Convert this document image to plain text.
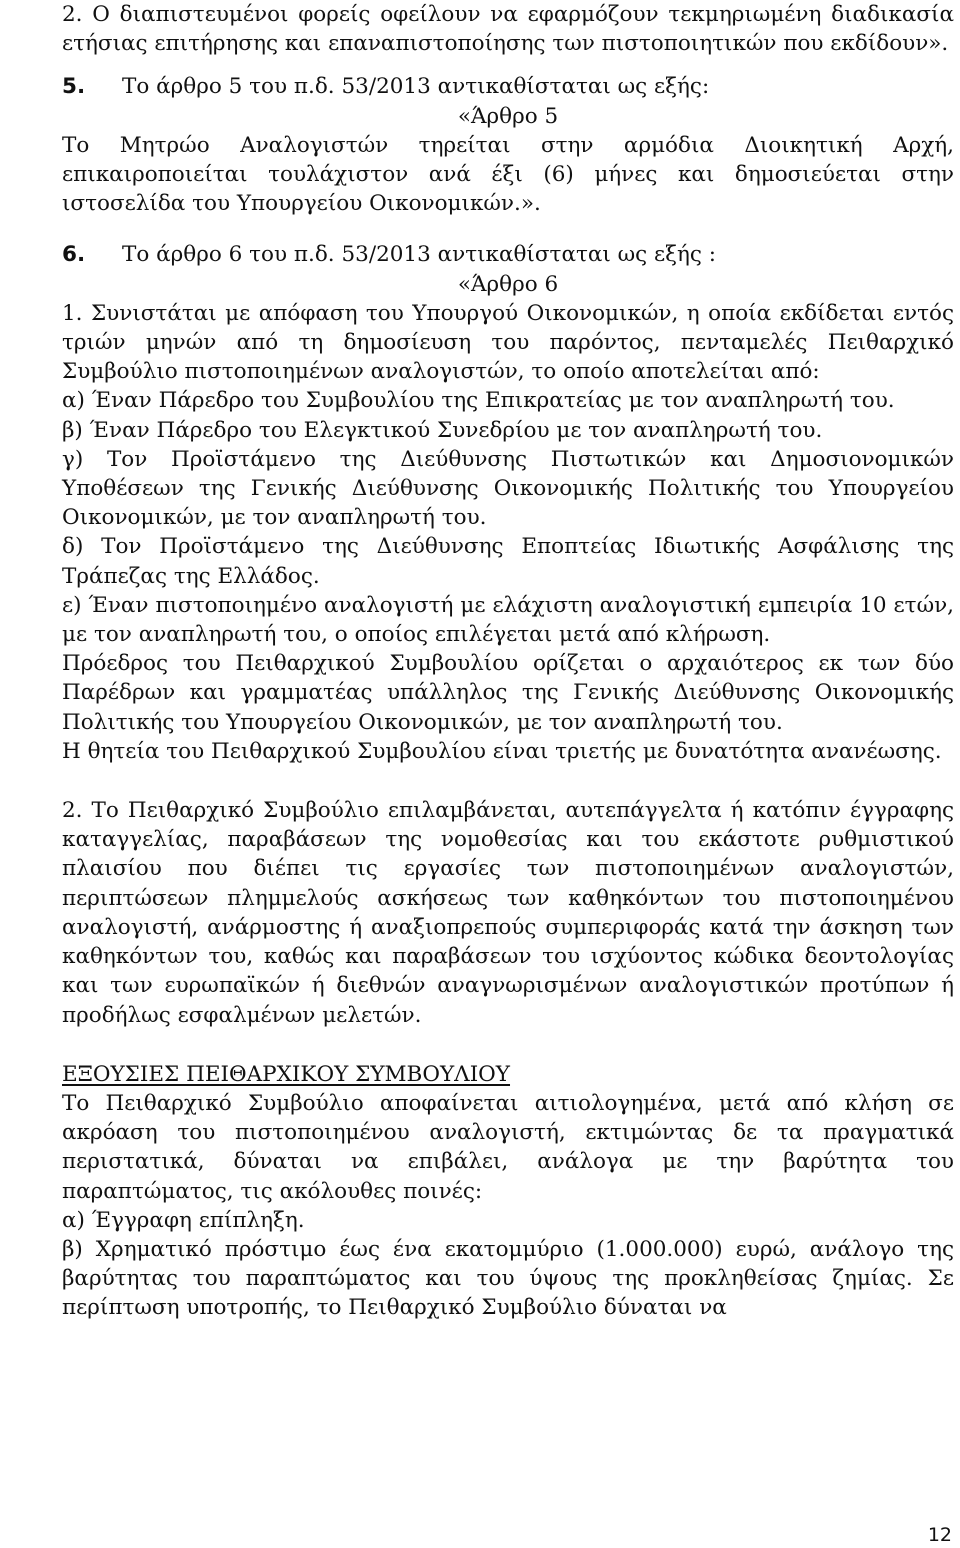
2. Ο διαπιστευμένοι φορείς οφείλουν να εφαρμόζουν τεκμηριωμένη διαδικασία ετήσιας επιτήρησης και επαναπιστοποίησης των πιστοποιητικών που εκδίδουν».

5. Το άρθρο 5 του π.δ. 53/2013 αντικαθίσταται ως εξής:

«Άρθρο 5

Το Μητρώο Αναλογιστών τηρείται στην αρμόδια Διοικητική Αρχή, επικαιροποιείται τουλάχιστον ανά έξι (6) μήνες και δημοσιεύεται στην ιστοσελίδα του Υπουργείου Οικονομικών.».

6. Το άρθρο 6 του π.δ. 53/2013 αντικαθίσταται ως εξής :

«Άρθρο 6

1. Συνιστάται με απόφαση του Υπουργού Οικονομικών, η οποία εκδίδεται εντός τριών μηνών από τη δημοσίευση του παρόντος, πενταμελές Πειθαρχικό Συμβούλιο πιστοποιημένων αναλογιστών, το οποίο αποτελείται από:

α) Έναν Πάρεδρο του Συμβουλίου της Επικρατείας με τον αναπληρωτή του.

β) Έναν Πάρεδρο του Ελεγκτικού Συνεδρίου με τον αναπληρωτή του.

γ) Τον Προϊστάμενο της Διεύθυνσης Πιστωτικών και Δημοσιονομικών Υποθέσεων της Γενικής Διεύθυνσης Οικονομικής Πολιτικής του Υπουργείου Οικονομικών, με τον αναπληρωτή του.

δ) Τον Προϊστάμενο της Διεύθυνσης Εποπτείας Ιδιωτικής Ασφάλισης της Τράπεζας της Ελλάδος.

ε) Έναν πιστοποιημένο αναλογιστή με ελάχιστη αναλογιστική εμπειρία 10 ετών, με τον αναπληρωτή του, ο οποίος επιλέγεται μετά από κλήρωση.

Πρόεδρος του Πειθαρχικού Συμβουλίου ορίζεται ο αρχαιότερος εκ των δύο Παρέδρων και γραμματέας υπάλληλος της Γενικής Διεύθυνσης Οικονομικής Πολιτικής του Υπουργείου Οικονομικών, με τον αναπληρωτή του.

Η θητεία του Πειθαρχικού Συμβουλίου είναι τριετής με δυνατότητα ανανέωσης.

2. Το Πειθαρχικό Συμβούλιο επιλαμβάνεται, αυτεπάγγελτα ή κατόπιν έγγραφης καταγγελίας, παραβάσεων της νομοθεσίας και του εκάστοτε ρυθμιστικού πλαισίου που διέπει τις εργασίες των πιστοποιημένων αναλογιστών, περιπτώσεων πλημμελούς ασκήσεως των καθηκόντων του πιστοποιημένου αναλογιστή, ανάρμοστης ή αναξιοπρεπούς συμπεριφοράς κατά την άσκηση των καθηκόντων του, καθώς και παραβάσεων του ισχύοντος κώδικα δεοντολογίας και των ευρωπαϊκών ή διεθνών αναγνωρισμένων αναλογιστικών προτύπων ή προδήλως εσφαλμένων μελετών.

ΕΞΟΥΣΙΕΣ ΠΕΙΘΑΡΧΙΚΟΥ ΣΥΜΒΟΥΛΙΟΥ

Το Πειθαρχικό Συμβούλιο αποφαίνεται αιτιολογημένα, μετά από κλήση σε ακρόαση του πιστοποιημένου αναλογιστή, εκτιμώντας δε τα πραγματικά περιστατικά, δύναται να επιβάλει, ανάλογα με την βαρύτητα του παραπτώματος, τις ακόλουθες ποινές:

α) Έγγραφη επίπληξη.

β) Χρηματικό πρόστιμο έως ένα εκατομμύριο (1.000.000) ευρώ, ανάλογο της βαρύτητας του παραπτώματος και του ύψους της προκληθείσας ζημίας. Σε περίπτωση υποτροπής, το Πειθαρχικό Συμβούλιο δύναται να

12
